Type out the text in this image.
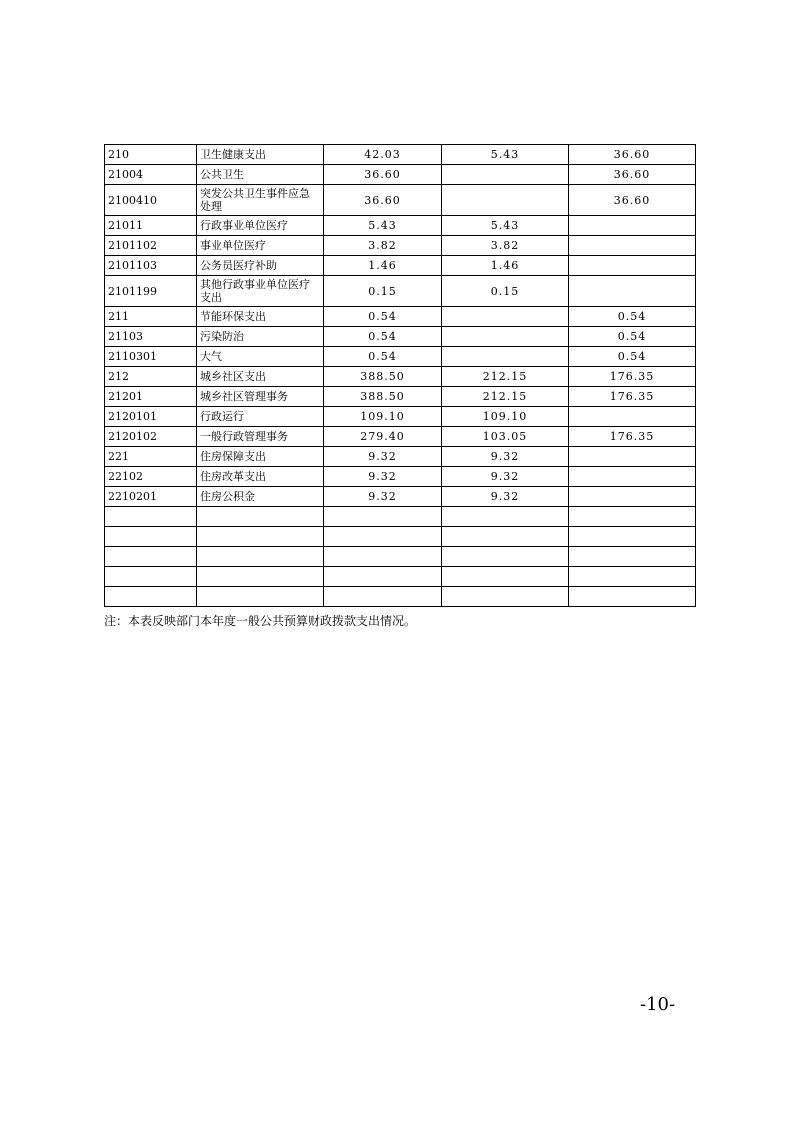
210	卫生健康支出	42.03	5.43	36.60
21004	公共卫生	36.60		36.60
2100410	突发公共卫生事件应急处理	36.60		36.60
21011	行政事业单位医疗	5.43	5.43	
2101102	事业单位医疗	3.82	3.82	
2101103	公务员医疗补助	1.46	1.46	
2101199	其他行政事业单位医疗支出	0.15	0.15	
211	节能环保支出	0.54		0.54
21103	污染防治	0.54		0.54
2110301	大气	0.54		0.54
212	城乡社区支出	388.50	212.15	176.35
21201	城乡社区管理事务	388.50	212.15	176.35
2120101	行政运行	109.10	109.10	
2120102	一般行政管理事务	279.40	103.05	176.35
221	住房保障支出	9.32	9.32	
22102	住房改革支出	9.32	9.32	
2210201	住房公积金	9.32	9.32	

注：本表反映部门本年度一般公共预算财政拨款支出情况。
-10-
